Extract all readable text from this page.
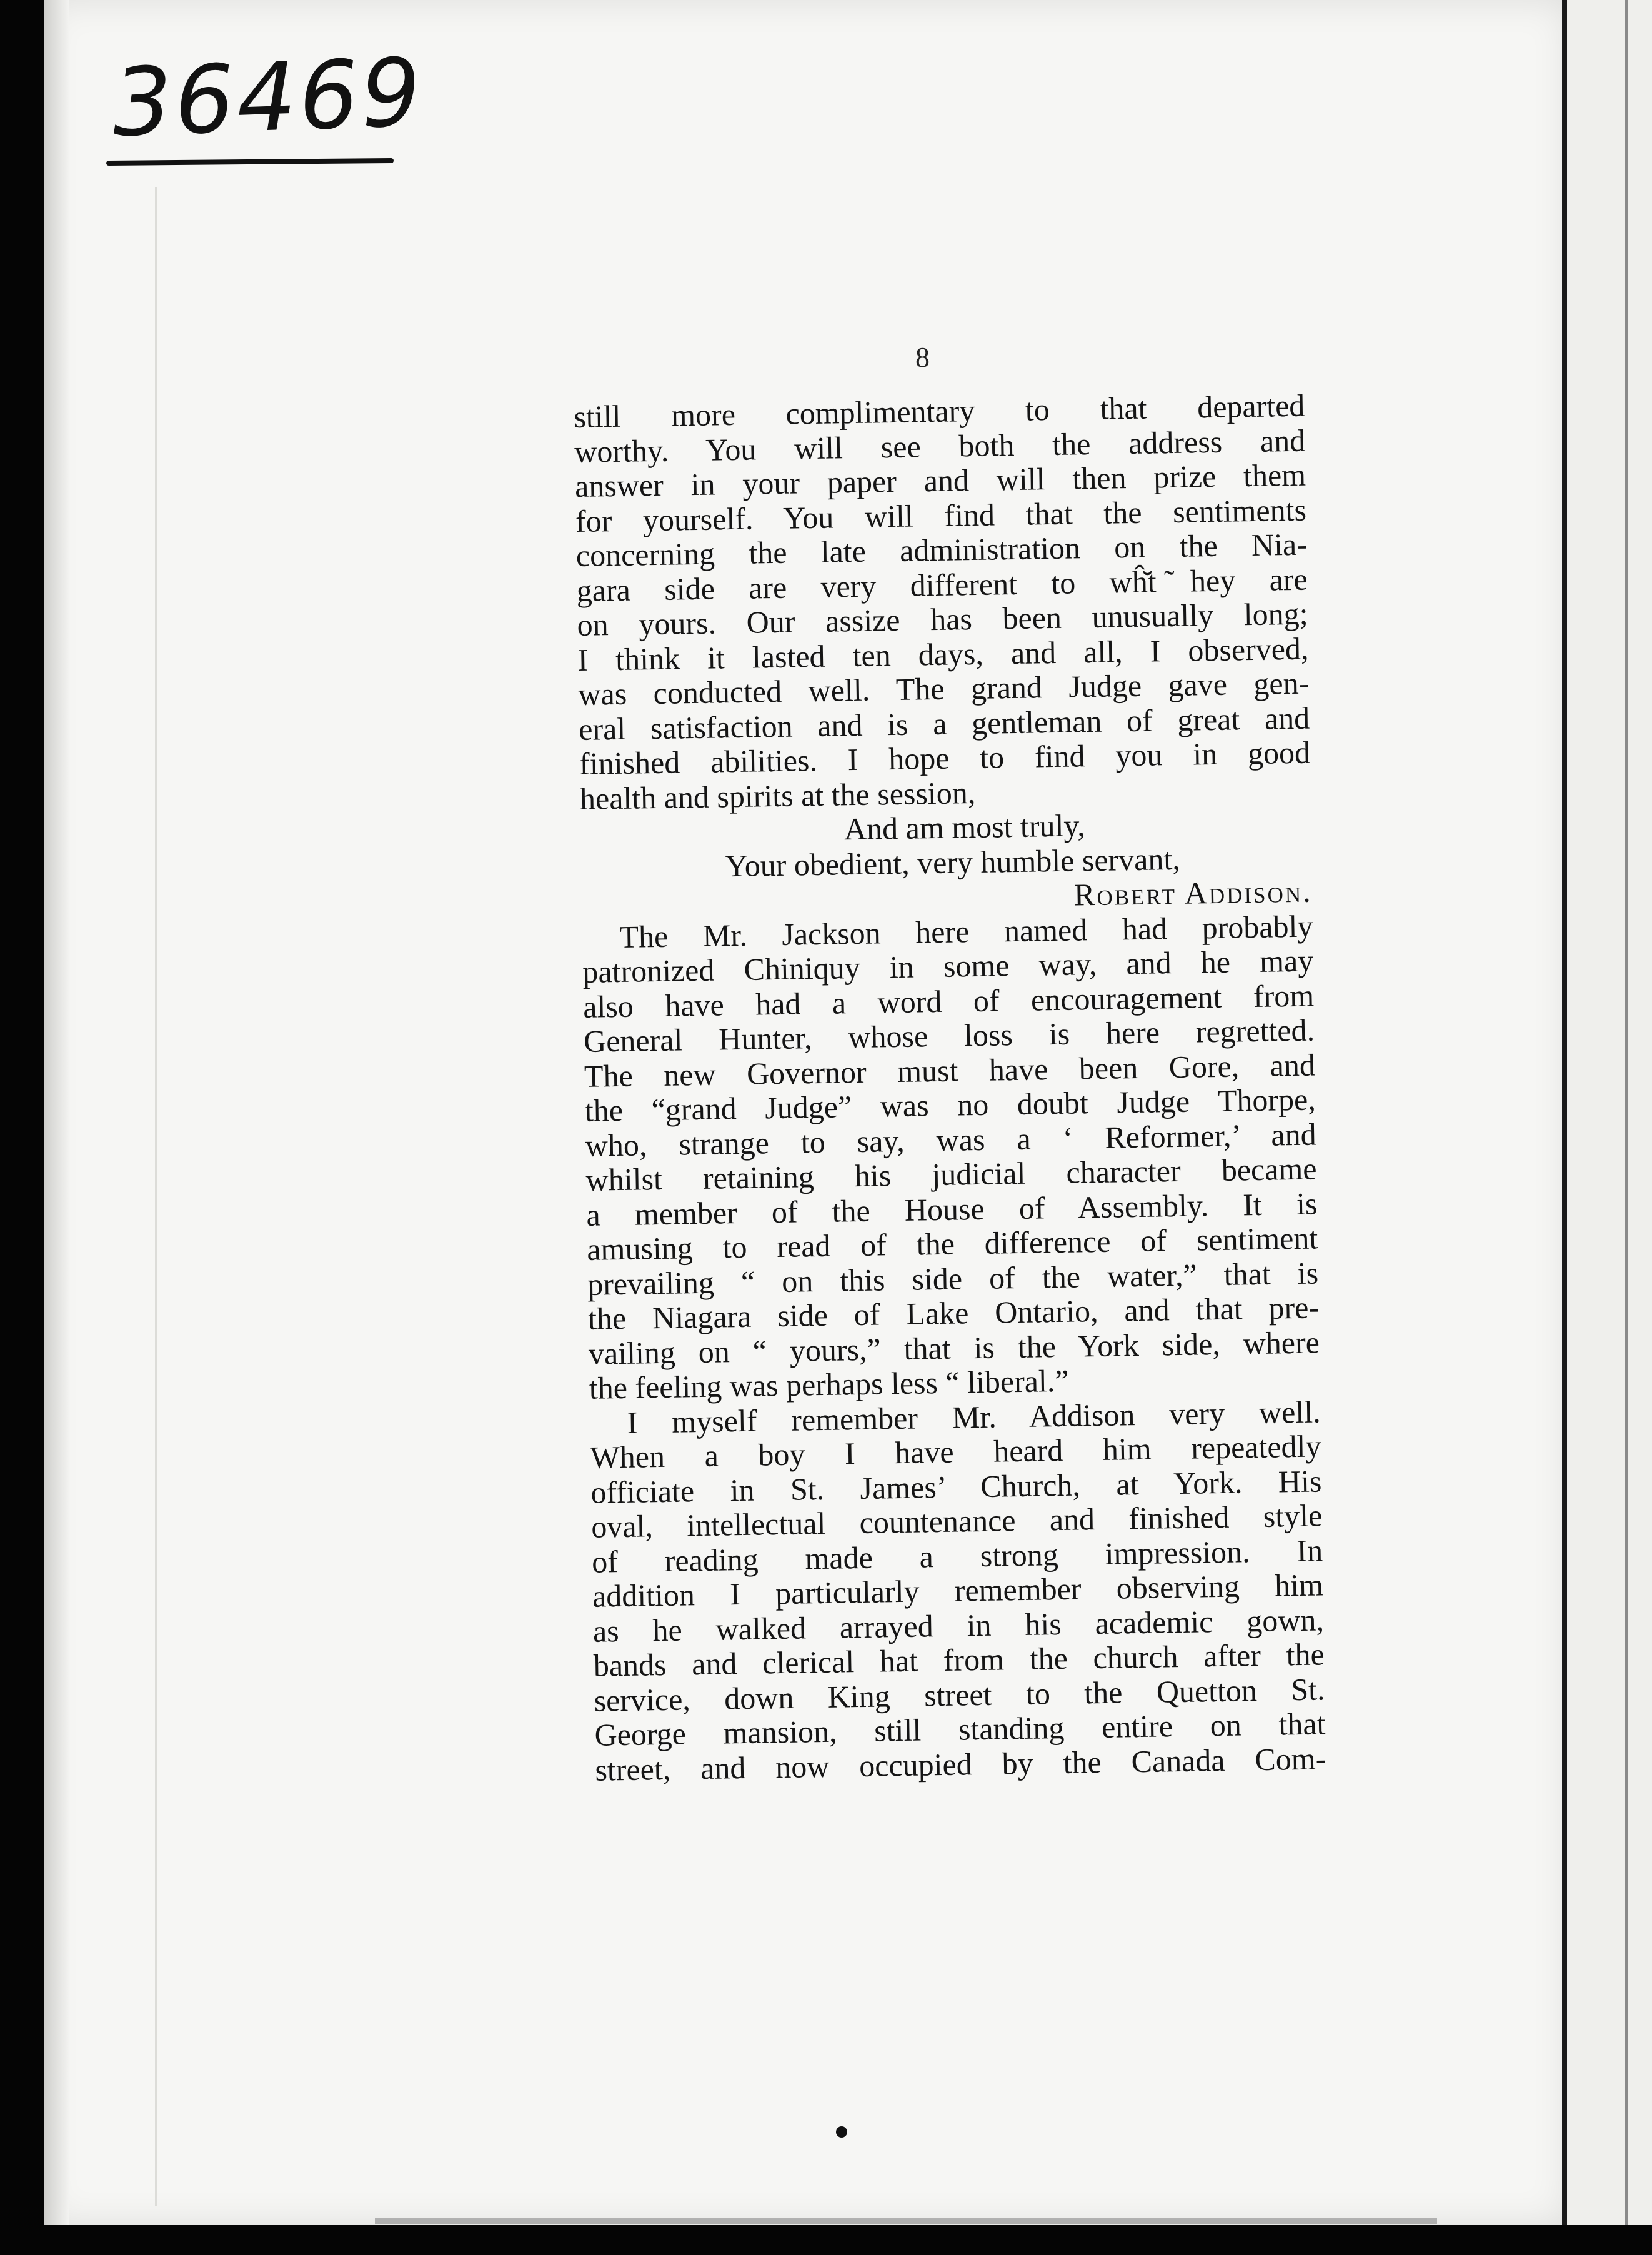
36469
8
still more complimentary to that departed
worthy. You will see both the address and
answer in your paper and will then prize them
for yourself. You will find that the sentiments
concerning the late administration on the Nia-
gara side are very different to wĥ̆t ̃hey are
on yours. Our assize has been unusually long;
I think it lasted ten days, and all, I observed,
was conducted well. The grand Judge gave gen-
eral satisfaction and is a gentleman of great and
finished abilities. I hope to find you in good
health and spirits at the session,
And am most truly,
Your obedient, very humble servant,
Robert Addison.
The Mr. Jackson here named had probably
patronized Chiniquy in some way, and he may
also have had a word of encouragement from
General Hunter, whose loss is here regretted.
The new Governor must have been Gore, and
the “grand Judge” was no doubt Judge Thorpe,
who, strange to say, was a ‘ Reformer,’ and
whilst retaining his judicial character became
a member of the House of Assembly. It is
amusing to read of the difference of sentiment
prevailing “ on this side of the water,” that is
the Niagara side of Lake Ontario, and that pre-
vailing on “ yours,” that is the York side, where
the feeling was perhaps less “ liberal.”
I myself remember Mr. Addison very well.
When a boy I have heard him repeatedly
officiate in St. James’ Church, at York. His
oval, intellectual countenance and finished style
of reading made a strong impression. In
addition I particularly remember observing him
as he walked arrayed in his academic gown,
bands and clerical hat from the church after the
service, down King street to the Quetton St.
George mansion, still standing entire on that
street, and now occupied by the Canada Com-
